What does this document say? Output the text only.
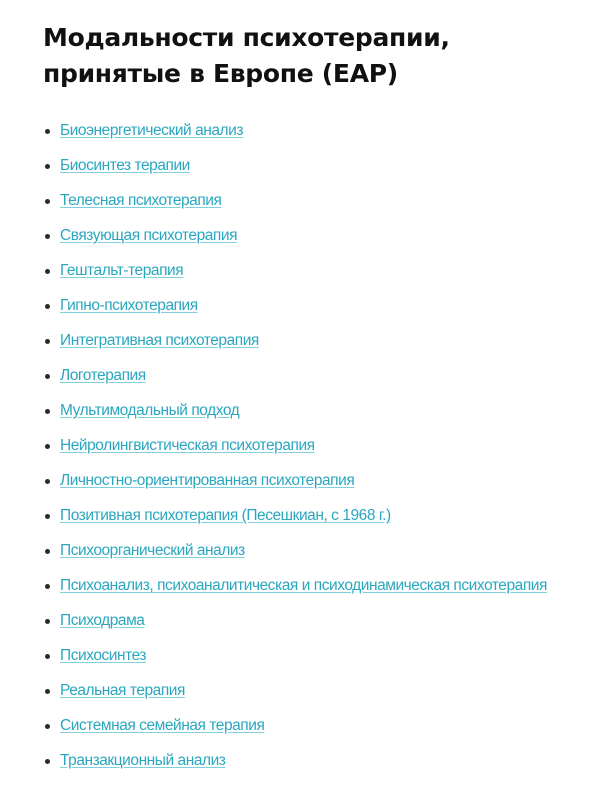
Модальности психотерапии,
принятые в Европе (EAP)
Биоэнергетический анализ
Биосинтез терапии
Телесная психотерапия
Связующая психотерапия
Гештальт-терапия
Гипно-психотерапия
Интегративная психотерапия
Логотерапия
Мультимодальный подход
Нейролингвистическая психотерапия
Личностно-ориентированная психотерапия
Позитивная психотерапия (Песешкиан, с 1968 г.)
Психоорганический анализ
Психоанализ, психоаналитическая и психодинамическая психотерапия
Психодрама
Психосинтез
Реальная терапия
Системная семейная терапия
Транзакционный анализ
